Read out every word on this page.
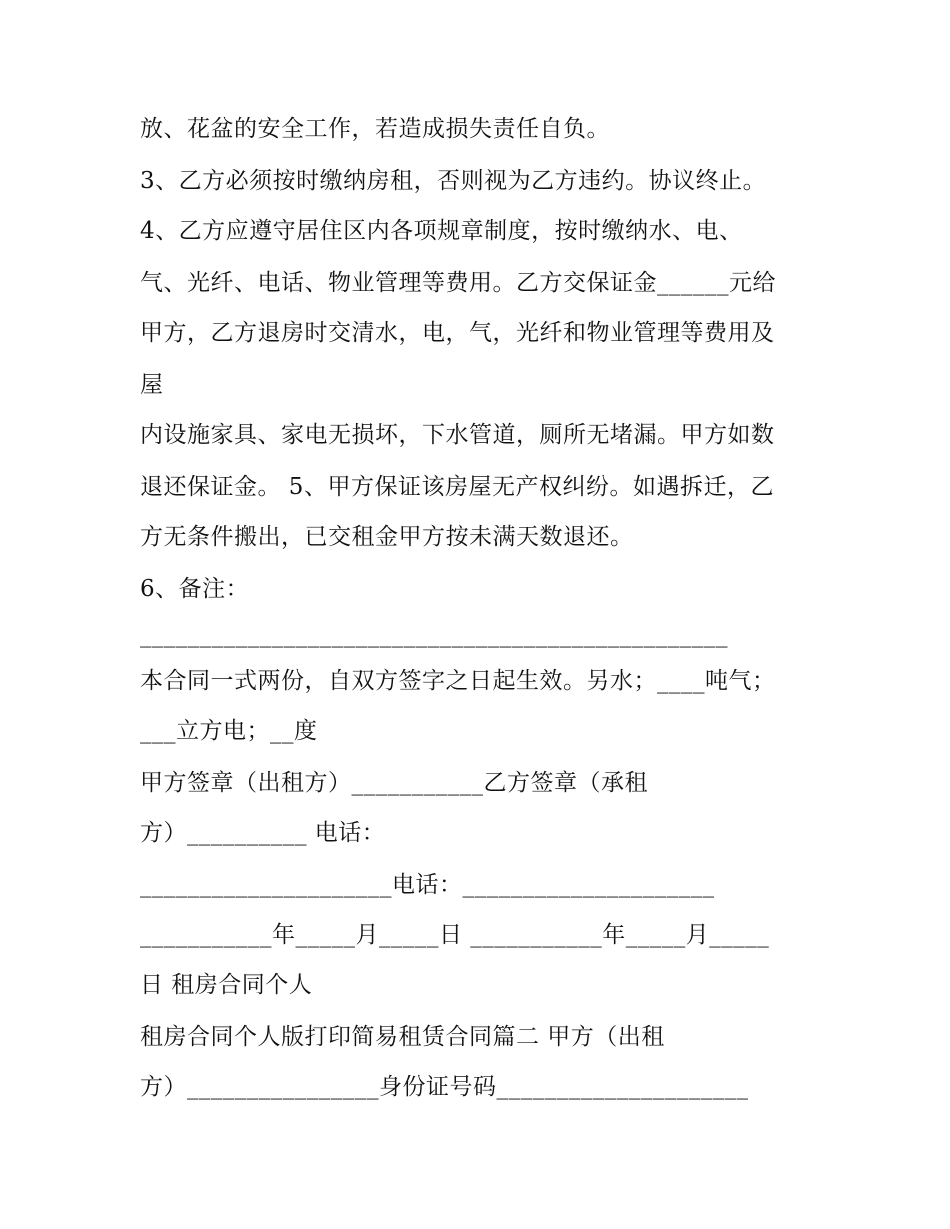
放、花盆的安全工作，若造成损失责任自负。
3、乙方必须按时缴纳房租，否则视为乙方违约。协议终止。
4、乙方应遵守居住区内各项规章制度，按时缴纳水、电、
气、光纤、电话、物业管理等费用。乙方交保证金______元给
甲方，乙方退房时交清水，电，气，光纤和物业管理等费用及
屋
内设施家具、家电无损坏，下水管道，厕所无堵漏。甲方如数
退还保证金。 5、甲方保证该房屋无产权纠纷。如遇拆迁，乙
方无条件搬出，已交租金甲方按未满天数退还。
6、备注：
_________________________________________________
本合同一式两份，自双方签字之日起生效。另水；____吨气；
___立方电；__度
甲方签章（出租方）___________乙方签章（承租
方）__________ 电话：
_____________________电话：_____________________
___________年_____月_____日 ___________年_____月_____
日 租房合同个人
租房合同个人版打印简易租赁合同篇二 甲方（出租
方）________________身份证号码_____________________
